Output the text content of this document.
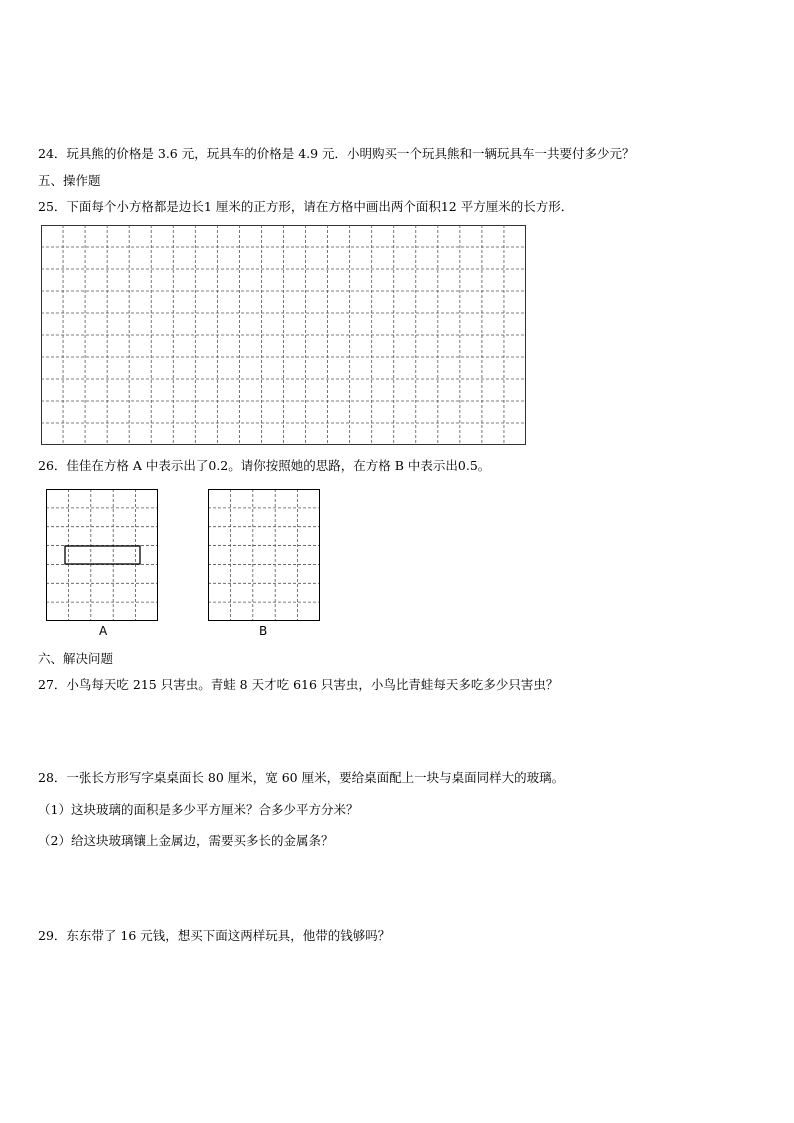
24．玩具熊的价格是 3.6 元，玩具车的价格是 4.9 元．小明购买一个玩具熊和一辆玩具车一共要付多少元？
五、操作题
25．下面每个小方格都是边长1 厘米的正方形，请在方格中画出两个面积12 平方厘米的长方形．
26．佳佳在方格 A 中表示出了0.2。请你按照她的思路，在方格 B 中表示出0.5。
A	B
六、解决问题
27．小鸟每天吃 215 只害虫。青蛙 8 天才吃 616 只害虫，小鸟比青蛙每天多吃多少只害虫？
28．一张长方形写字桌桌面长 80 厘米，宽 60 厘米，要给桌面配上一块与桌面同样大的玻璃。
（1）这块玻璃的面积是多少平方厘米？合多少平方分米？
（2）给这块玻璃镶上金属边，需要买多长的金属条？
29．东东带了 16 元钱，想买下面这两样玩具，他带的钱够吗？
